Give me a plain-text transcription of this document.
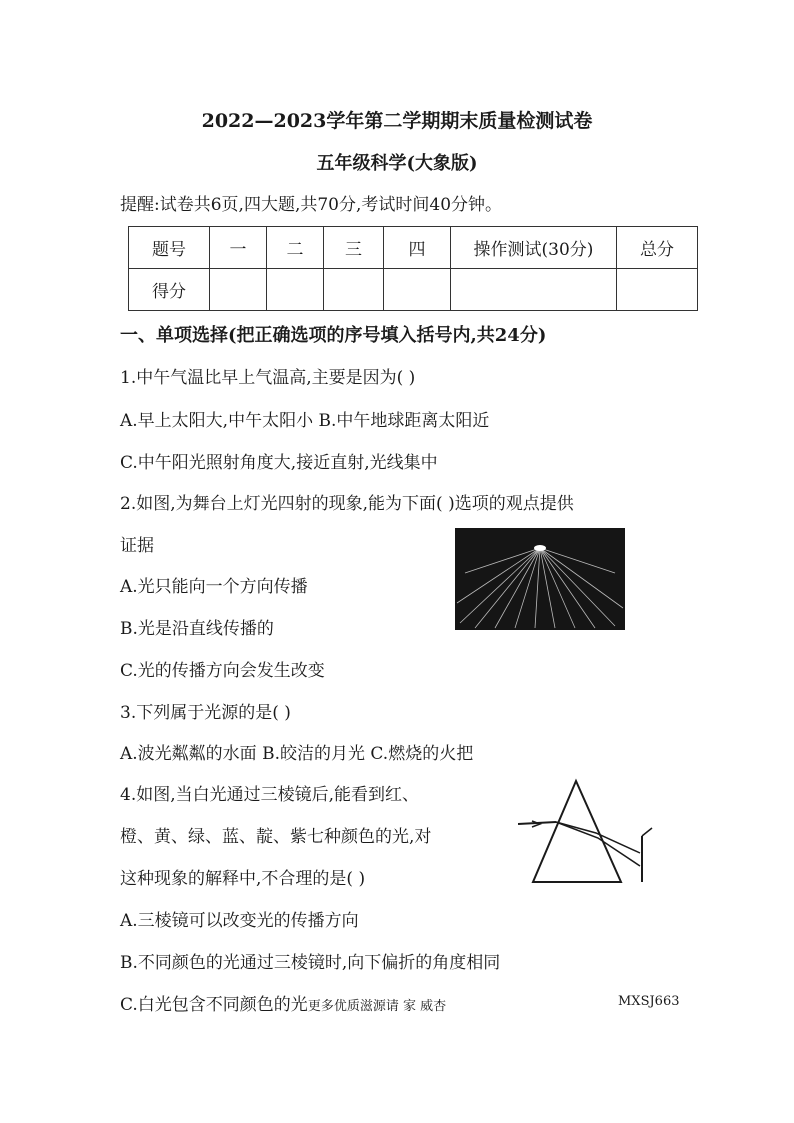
2022—2023学年第二学期期末质量检测试卷
五年级科学(大象版)
提醒:试卷共6页,四大题,共70分,考试时间40分钟。
题号	一	二	三	四	操作测试(30分)	总分
得分						
一、单项选择(把正确选项的序号填入括号内,共24分)
1.中午气温比早上气温高,主要是因为( )
A.早上太阳大,中午太阳小 B.中午地球距离太阳近
C.中午阳光照射角度大,接近直射,光线集中
2.如图,为舞台上灯光四射的现象,能为下面( )选项的观点提供
证据
A.光只能向一个方向传播
B.光是沿直线传播的
C.光的传播方向会发生改变
3.下列属于光源的是( )
A.波光粼粼的水面 B.皎洁的月光 C.燃烧的火把
4.如图,当白光通过三棱镜后,能看到红、
橙、黄、绿、蓝、靛、紫七种颜色的光,对
这种现象的解释中,不合理的是( )
A.三棱镜可以改变光的传播方向
B.不同颜色的光通过三棱镜时,向下偏折的角度相同
C.白光包含不同颜色的光更多优质滋源请 家 威杏	MXSJ663
